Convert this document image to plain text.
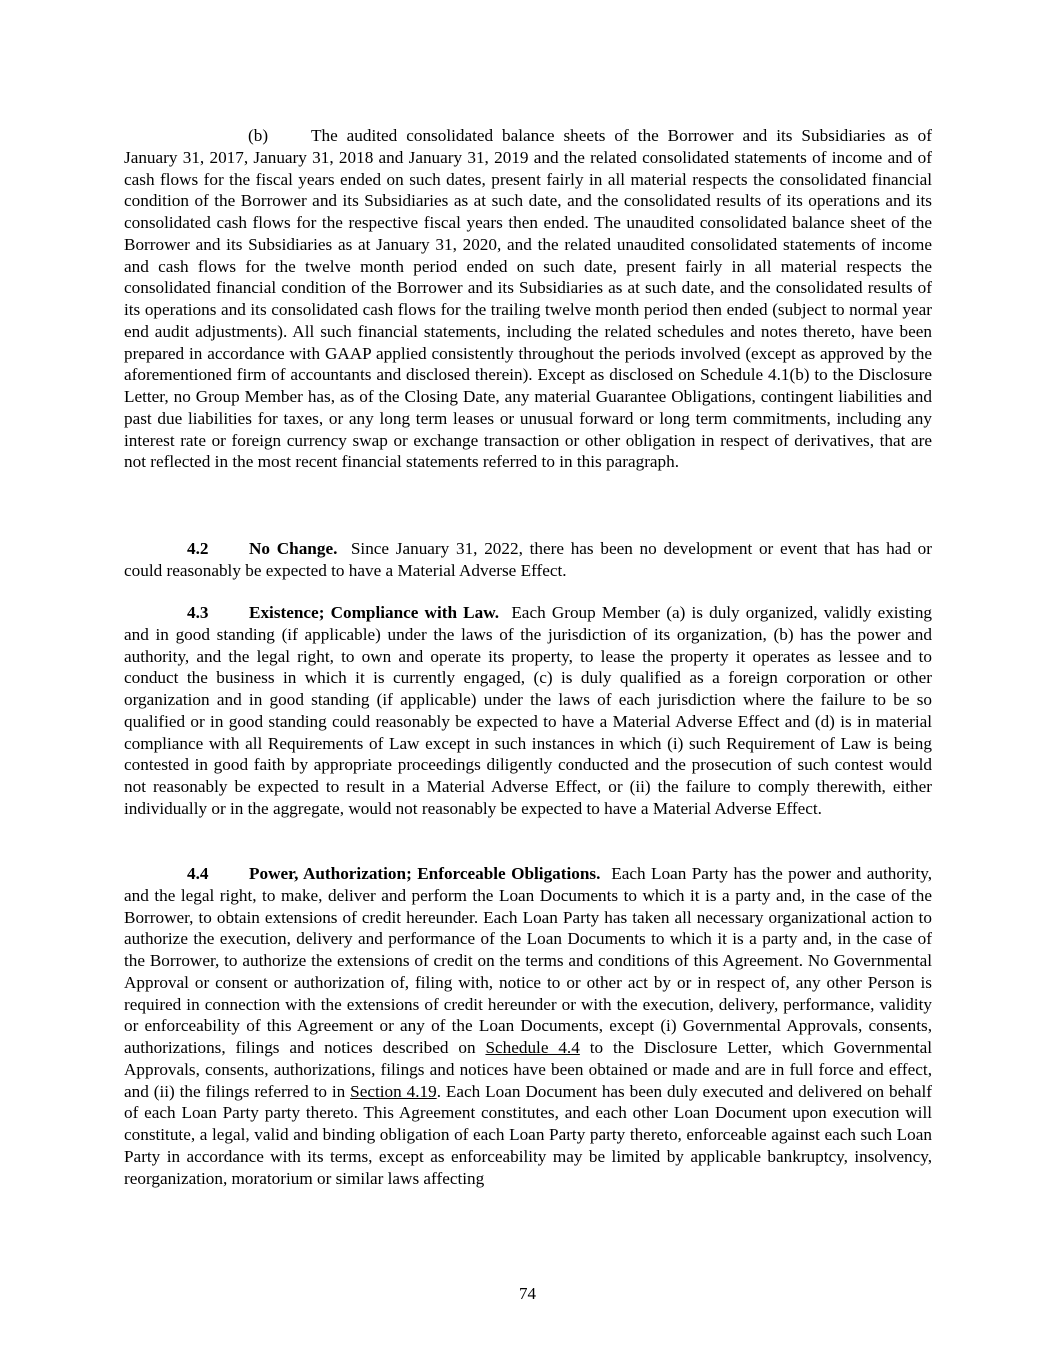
(b) The audited consolidated balance sheets of the Borrower and its Subsidiaries as of January 31, 2017, January 31, 2018 and January 31, 2019 and the related consolidated statements of income and of cash flows for the fiscal years ended on such dates, present fairly in all material respects the consolidated financial condition of the Borrower and its Subsidiaries as at such date, and the consolidated results of its operations and its consolidated cash flows for the respective fiscal years then ended. The unaudited consolidated balance sheet of the Borrower and its Subsidiaries as at January 31, 2020, and the related unaudited consolidated statements of income and cash flows for the twelve month period ended on such date, present fairly in all material respects the consolidated financial condition of the Borrower and its Subsidiaries as at such date, and the consolidated results of its operations and its consolidated cash flows for the trailing twelve month period then ended (subject to normal year end audit adjustments). All such financial statements, including the related schedules and notes thereto, have been prepared in accordance with GAAP applied consistently throughout the periods involved (except as approved by the aforementioned firm of accountants and disclosed therein). Except as disclosed on Schedule 4.1(b) to the Disclosure Letter, no Group Member has, as of the Closing Date, any material Guarantee Obligations, contingent liabilities and past due liabilities for taxes, or any long term leases or unusual forward or long term commitments, including any interest rate or foreign currency swap or exchange transaction or other obligation in respect of derivatives, that are not reflected in the most recent financial statements referred to in this paragraph.

4.2 No Change. Since January 31, 2022, there has been no development or event that has had or could reasonably be expected to have a Material Adverse Effect.

4.3 Existence; Compliance with Law. Each Group Member (a) is duly organized, validly existing and in good standing (if applicable) under the laws of the jurisdiction of its organization, (b) has the power and authority, and the legal right, to own and operate its property, to lease the property it operates as lessee and to conduct the business in which it is currently engaged, (c) is duly qualified as a foreign corporation or other organization and in good standing (if applicable) under the laws of each jurisdiction where the failure to be so qualified or in good standing could reasonably be expected to have a Material Adverse Effect and (d) is in material compliance with all Requirements of Law except in such instances in which (i) such Requirement of Law is being contested in good faith by appropriate proceedings diligently conducted and the prosecution of such contest would not reasonably be expected to result in a Material Adverse Effect, or (ii) the failure to comply therewith, either individually or in the aggregate, would not reasonably be expected to have a Material Adverse Effect.

4.4 Power, Authorization; Enforceable Obligations. Each Loan Party has the power and authority, and the legal right, to make, deliver and perform the Loan Documents to which it is a party and, in the case of the Borrower, to obtain extensions of credit hereunder. Each Loan Party has taken all necessary organizational action to authorize the execution, delivery and performance of the Loan Documents to which it is a party and, in the case of the Borrower, to authorize the extensions of credit on the terms and conditions of this Agreement. No Governmental Approval or consent or authorization of, filing with, notice to or other act by or in respect of, any other Person is required in connection with the extensions of credit hereunder or with the execution, delivery, performance, validity or enforceability of this Agreement or any of the Loan Documents, except (i) Governmental Approvals, consents, authorizations, filings and notices described on Schedule 4.4 to the Disclosure Letter, which Governmental Approvals, consents, authorizations, filings and notices have been obtained or made and are in full force and effect, and (ii) the filings referred to in Section 4.19. Each Loan Document has been duly executed and delivered on behalf of each Loan Party party thereto. This Agreement constitutes, and each other Loan Document upon execution will constitute, a legal, valid and binding obligation of each Loan Party party thereto, enforceable against each such Loan Party in accordance with its terms, except as enforceability may be limited by applicable bankruptcy, insolvency, reorganization, moratorium or similar laws affecting

74
